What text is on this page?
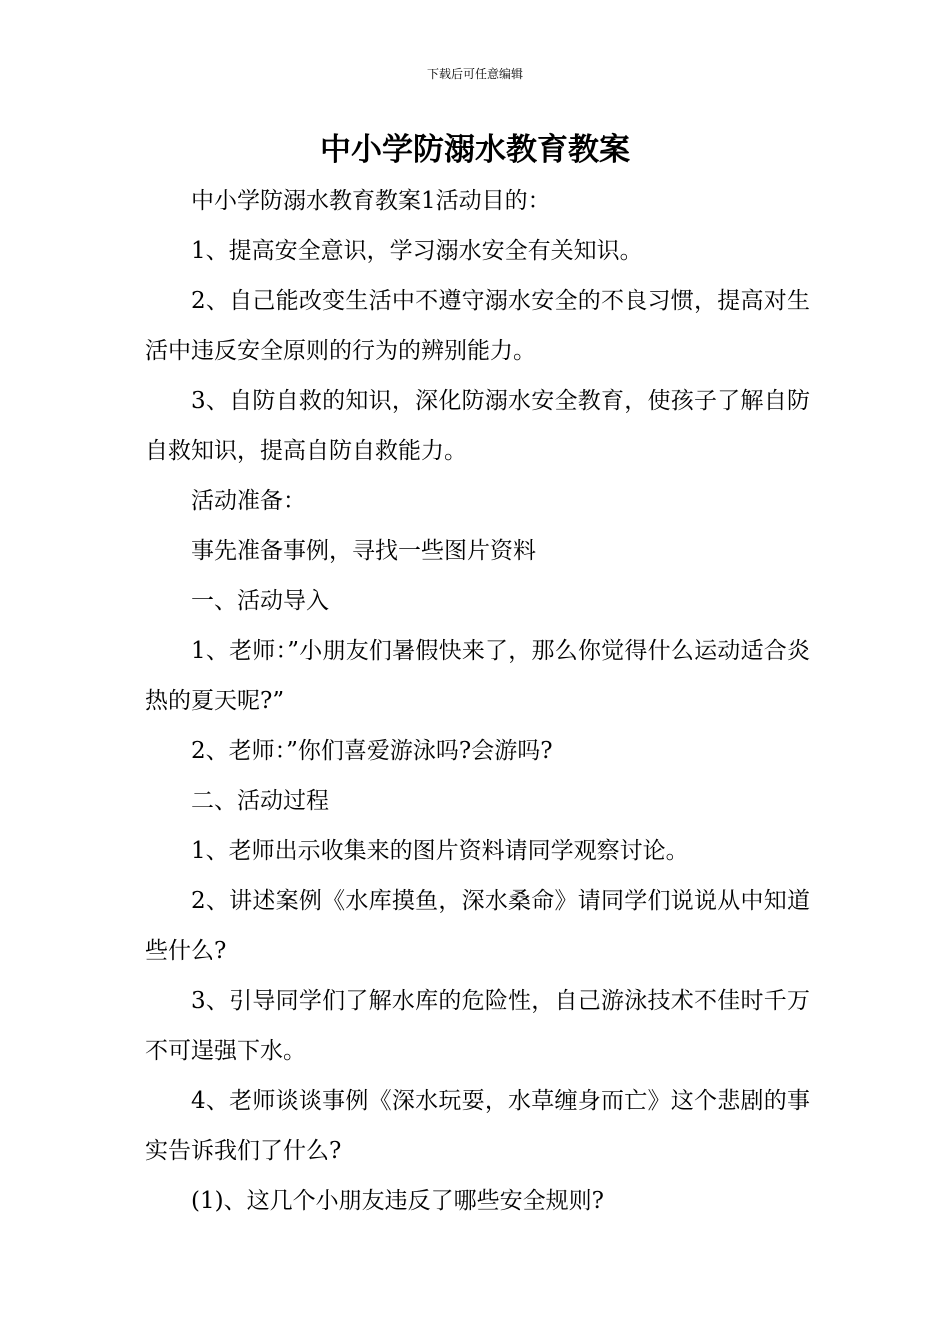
下载后可任意编辑
中小学防溺水教育教案

中小学防溺水教育教案1活动目的：

1、提高安全意识，学习溺水安全有关知识。

2、自己能改变生活中不遵守溺水安全的不良习惯，提高对生活中违反安全原则的行为的辨别能力。

3、自防自救的知识，深化防溺水安全教育，使孩子了解自防自救知识，提高自防自救能力。

活动准备：

事先准备事例，寻找一些图片资料

一、活动导入

1、老师：”小朋友们暑假快来了，那么你觉得什么运动适合炎热的夏天呢?”

2、老师：”你们喜爱游泳吗?会游吗?

二、活动过程

1、老师出示收集来的图片资料请同学观察讨论。

2、讲述案例《水库摸鱼，深水桑命》请同学们说说从中知道些什么?

3、引导同学们了解水库的危险性，自己游泳技术不佳时千万不可逞强下水。

4、老师谈谈事例《深水玩耍，水草缠身而亡》这个悲剧的事实告诉我们了什么?

(1)、这几个小朋友违反了哪些安全规则?
